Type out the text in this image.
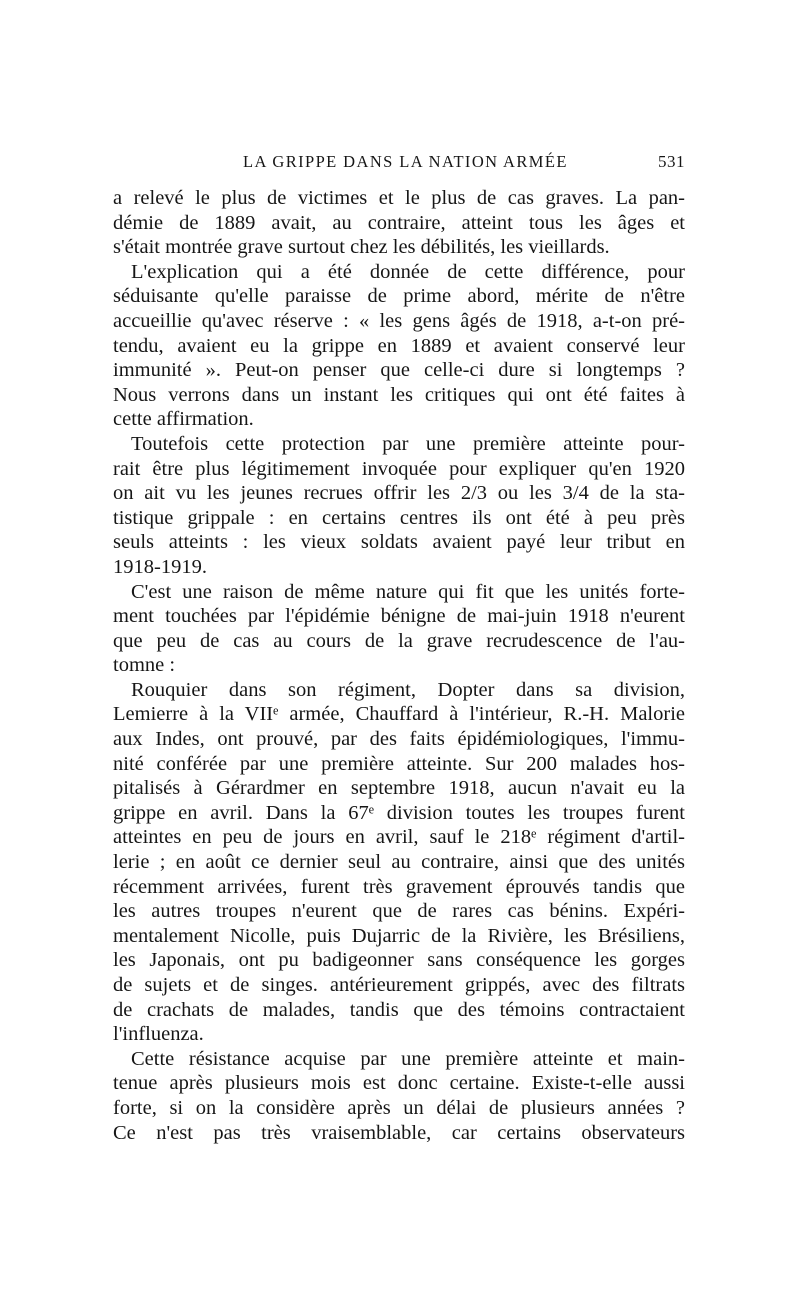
LA GRIPPE DANS LA NATION ARMÉE	531
a relevé le plus de victimes et le plus de cas graves. La pan-
démie de 1889 avait, au contraire, atteint tous les âges et
s'était montrée grave surtout chez les débilités, les vieillards.
L'explication qui a été donnée de cette différence, pour
séduisante qu'elle paraisse de prime abord, mérite de n'être
accueillie qu'avec réserve : « les gens âgés de 1918, a-t-on pré-
tendu, avaient eu la grippe en 1889 et avaient conservé leur
immunité ». Peut-on penser que celle-ci dure si longtemps ?
Nous verrons dans un instant les critiques qui ont été faites à
cette affirmation.
Toutefois cette protection par une première atteinte pour-
rait être plus légitimement invoquée pour expliquer qu'en 1920
on ait vu les jeunes recrues offrir les 2/3 ou les 3/4 de la sta-
tistique grippale : en certains centres ils ont été à peu près
seuls atteints : les vieux soldats avaient payé leur tribut en
1918-1919.
C'est une raison de même nature qui fit que les unités forte-
ment touchées par l'épidémie bénigne de mai-juin 1918 n'eurent
que peu de cas au cours de la grave recrudescence de l'au-
tomne :
Rouquier dans son régiment, Dopter dans sa division,
Lemierre à la VIIᵉ armée, Chauffard à l'intérieur, R.-H. Malorie
aux Indes, ont prouvé, par des faits épidémiologiques, l'immu-
nité conférée par une première atteinte. Sur 200 malades hos-
pitalisés à Gérardmer en septembre 1918, aucun n'avait eu la
grippe en avril. Dans la 67ᵉ division toutes les troupes furent
atteintes en peu de jours en avril, sauf le 218ᵉ régiment d'artil-
lerie ; en août ce dernier seul au contraire, ainsi que des unités
récemment arrivées, furent très gravement éprouvés tandis que
les autres troupes n'eurent que de rares cas bénins. Expéri-
mentalement Nicolle, puis Dujarric de la Rivière, les Brésiliens,
les Japonais, ont pu badigeonner sans conséquence les gorges
de sujets et de singes. antérieurement grippés, avec des filtrats
de crachats de malades, tandis que des témoins contractaient
l'influenza.
Cette résistance acquise par une première atteinte et main-
tenue après plusieurs mois est donc certaine. Existe-t-elle aussi
forte, si on la considère après un délai de plusieurs années ?
Ce n'est pas très vraisemblable, car certains observateurs
